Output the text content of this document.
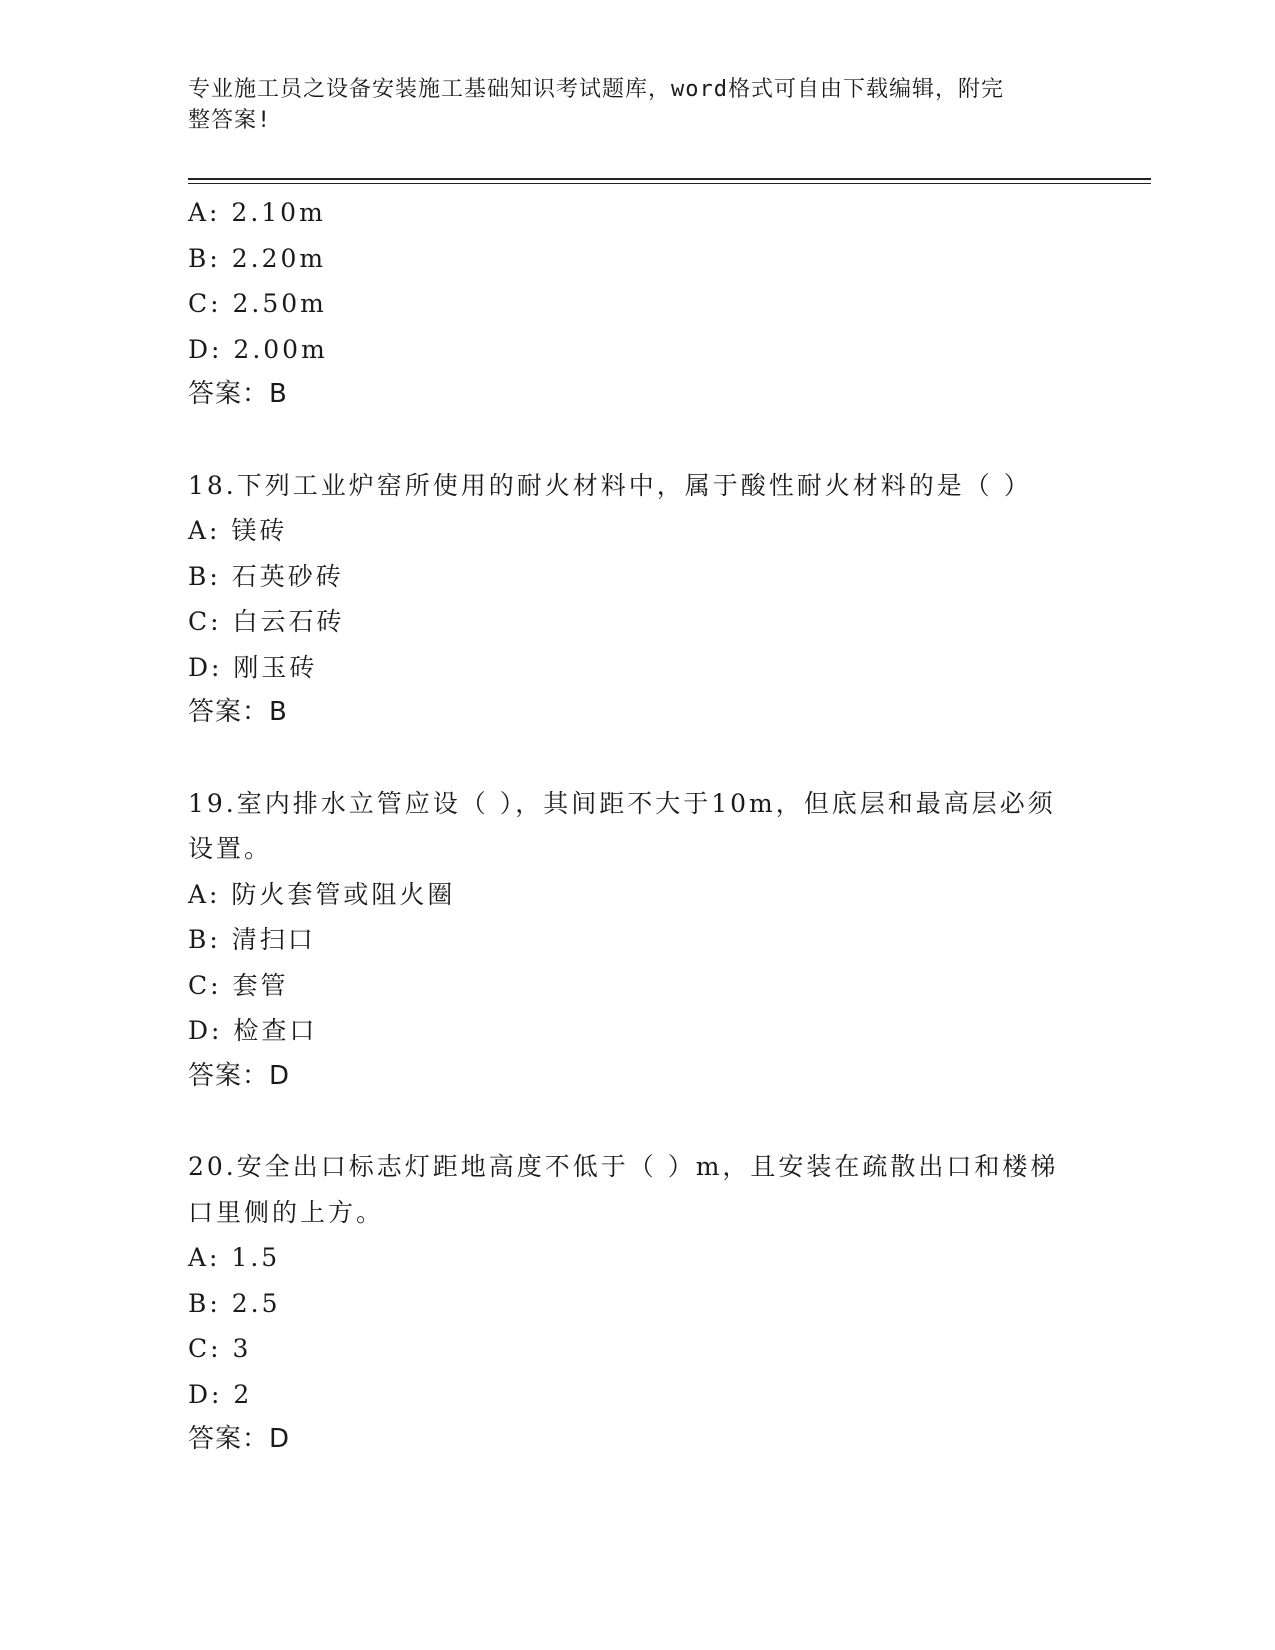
专业施工员之设备安装施工基础知识考试题库，word格式可自由下载编辑，附完
整答案!
A: 2.10m
B: 2.20m
C: 2.50m
D: 2.00m
答案：B
18.下列工业炉窑所使用的耐火材料中，属于酸性耐火材料的是（ ）
A: 镁砖
B: 石英砂砖
C: 白云石砖
D: 刚玉砖
答案：B
19.室内排水立管应设（ ），其间距不大于10m，但底层和最高层必须
设置。
A: 防火套管或阻火圈
B: 清扫口
C: 套管
D: 检查口
答案：D
20.安全出口标志灯距地高度不低于（ ）m，且安装在疏散出口和楼梯
口里侧的上方。
A: 1.5
B: 2.5
C: 3
D: 2
答案：D
